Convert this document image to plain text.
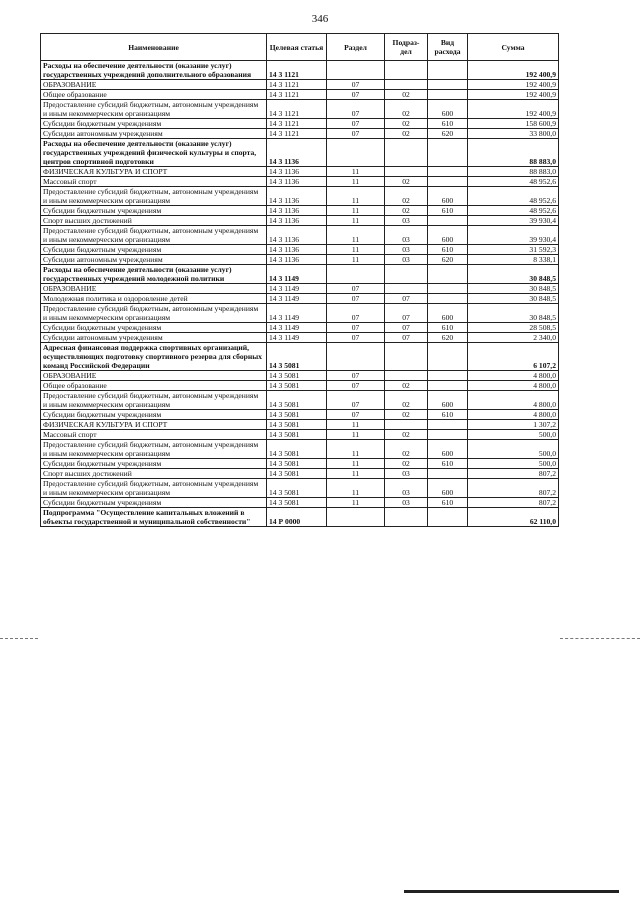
346
Наименование	Целевая статья	Раздел	Подраз-дел	Вид расхода	Сумма
Расходы на обеспечение деятельности (оказание услуг) государственных учреждений дополнительного образования	14 3 1121				192 400,9
ОБРАЗОВАНИЕ	14 3 1121	07			192 400,9
Общее образование	14 3 1121	07	02		192 400,9
Предоставление субсидий бюджетным, автономным учреждениям и иным некоммерческим организациям	14 3 1121	07	02	600	192 400,9
Субсидии бюджетным учреждениям	14 3 1121	07	02	610	158 600,9
Субсидии автономным учреждениям	14 3 1121	07	02	620	33 800,0
Расходы на обеспечение деятельности (оказание услуг) государственных учреждений физической культуры и спорта, центров спортивной подготовки	14 3 1136				88 883,0
ФИЗИЧЕСКАЯ КУЛЬТУРА И СПОРТ	14 3 1136	11			88 883,0
Массовый спорт	14 3 1136	11	02		48 952,6
Предоставление субсидий бюджетным, автономным учреждениям и иным некоммерческим организациям	14 3 1136	11	02	600	48 952,6
Субсидии бюджетным учреждениям	14 3 1136	11	02	610	48 952,6
Спорт высших достижений	14 3 1136	11	03		39 930,4
Предоставление субсидий бюджетным, автономным учреждениям и иным некоммерческим организациям	14 3 1136	11	03	600	39 930,4
Субсидии бюджетным учреждениям	14 3 1136	11	03	610	31 592,3
Субсидии автономным учреждениям	14 3 1136	11	03	620	8 338,1
Расходы на обеспечение деятельности (оказание услуг) государственных учреждений молодежной политики	14 3 1149				30 848,5
ОБРАЗОВАНИЕ	14 3 1149	07			30 848,5
Молодежная политика и оздоровление детей	14 3 1149	07	07		30 848,5
Предоставление субсидий бюджетным, автономным учреждениям и иным некоммерческим организациям	14 3 1149	07	07	600	30 848,5
Субсидии бюджетным учреждениям	14 3 1149	07	07	610	28 508,5
Субсидии автономным учреждениям	14 3 1149	07	07	620	2 340,0
Адресная финансовая поддержка спортивных организаций, осуществляющих подготовку спортивного резерва для сборных команд Российской Федерации	14 3 5081				6 107,2
ОБРАЗОВАНИЕ	14 3 5081	07			4 800,0
Общее образование	14 3 5081	07	02		4 800,0
Предоставление субсидий бюджетным, автономным учреждениям и иным некоммерческим организациям	14 3 5081	07	02	600	4 800,0
Субсидии бюджетным учреждениям	14 3 5081	07	02	610	4 800,0
ФИЗИЧЕСКАЯ КУЛЬТУРА И СПОРТ	14 3 5081	11			1 307,2
Массовый спорт	14 3 5081	11	02		500,0
Предоставление субсидий бюджетным, автономным учреждениям и иным некоммерческим организациям	14 3 5081	11	02	600	500,0
Субсидии бюджетным учреждениям	14 3 5081	11	02	610	500,0
Спорт высших достижений	14 3 5081	11	03		807,2
Предоставление субсидий бюджетным, автономным учреждениям и иным некоммерческим организациям	14 3 5081	11	03	600	807,2
Субсидии бюджетным учреждениям	14 3 5081	11	03	610	807,2
Подпрограмма "Осуществление капитальных вложений в объекты государственной и муниципальной собственности"	14 Р 0000				62 110,0
